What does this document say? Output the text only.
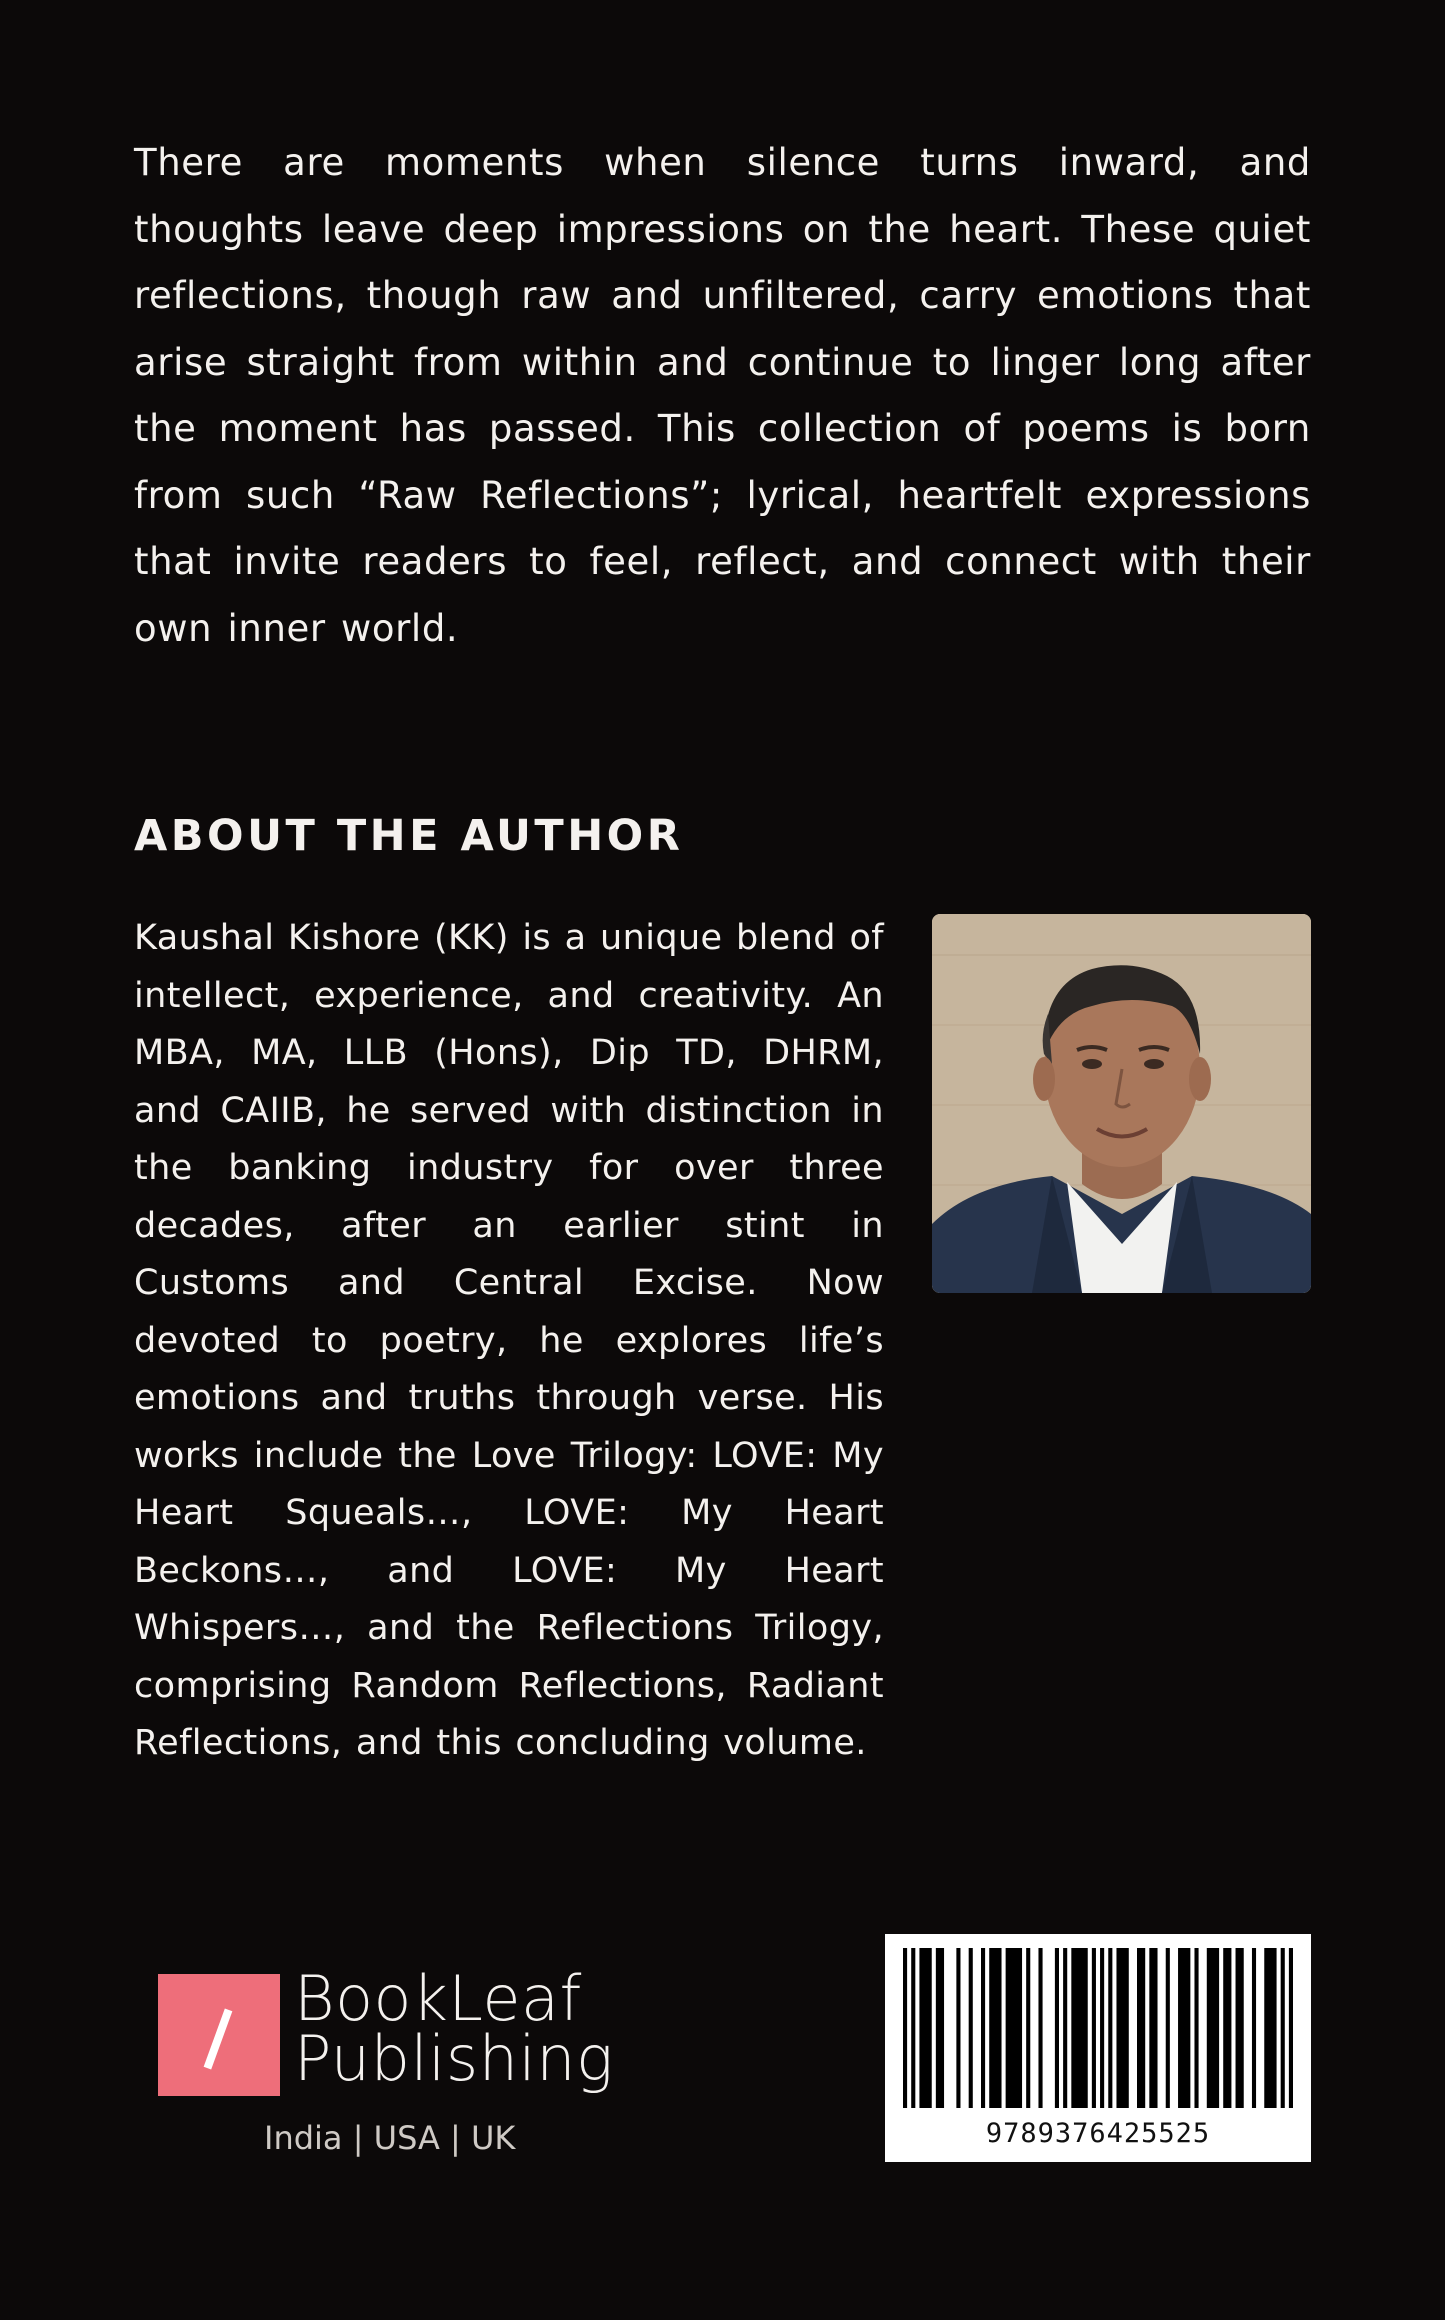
There are moments when silence turns inward, and thoughts leave deep impressions on the heart. These quiet reflections, though raw and unfiltered, carry emotions that arise straight from within and continue to linger long after the moment has passed. This collection of poems is born from such “Raw Reflections”; lyrical, heartfelt expressions that invite readers to feel, reflect, and connect with their own inner world.

ABOUT THE AUTHOR

Kaushal Kishore (KK) is a unique blend of intellect, experience, and creativity. An MBA, MA, LLB (Hons), Dip TD, DHRM, and CAIIB, he served with distinction in the banking industry for over three decades, after an earlier stint in Customs and Central Excise. Now devoted to poetry, he explores life’s emotions and truths through verse. His works include the Love Trilogy: LOVE: My Heart Squeals…, LOVE: My Heart Beckons…, and LOVE: My Heart Whispers…, and the Reflections Trilogy, comprising Random Reflections, Radiant Reflections, and this concluding volume.

BookLeaf

Publishing

India | USA | UK	9789376425525
